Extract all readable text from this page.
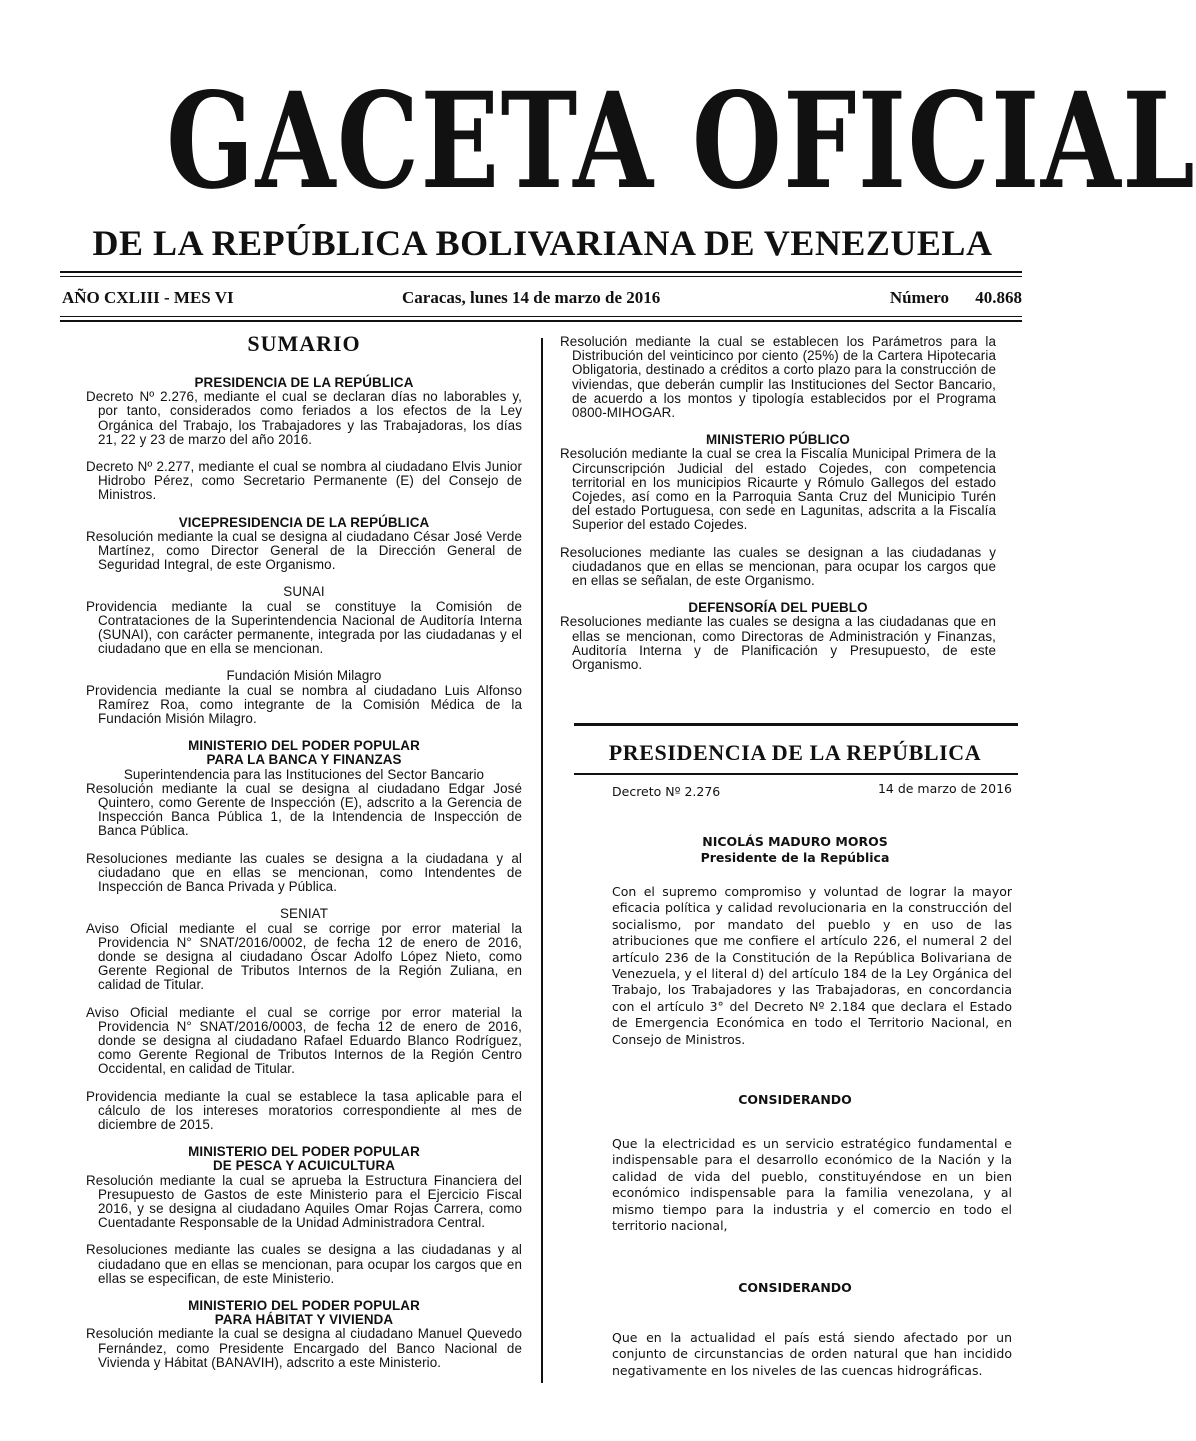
GACETA OFICIAL
DE LA REPÚBLICA BOLIVARIANA DE VENEZUELA
AÑO CXLIII - MES VI	Caracas, lunes 14 de marzo de 2016	Número 40.868
SUMARIO
PRESIDENCIA DE LA REPÚBLICA
Decreto Nº 2.276, mediante el cual se declaran días no laborables y, por tanto, considerados como feriados a los efectos de la Ley Orgánica del Trabajo, los Trabajadores y las Trabajadoras, los días 21, 22 y 23 de marzo del año 2016.
Decreto Nº 2.277, mediante el cual se nombra al ciudadano Elvis Junior Hidrobo Pérez, como Secretario Permanente (E) del Consejo de Ministros.
VICEPRESIDENCIA DE LA REPÚBLICA
Resolución mediante la cual se designa al ciudadano César José Verde Martínez, como Director General de la Dirección General de Seguridad Integral, de este Organismo.
SUNAI
Providencia mediante la cual se constituye la Comisión de Contrataciones de la Superintendencia Nacional de Auditoría Interna (SUNAI), con carácter permanente, integrada por las ciudadanas y el ciudadano que en ella se mencionan.
Fundación Misión Milagro
Providencia mediante la cual se nombra al ciudadano Luis Alfonso Ramírez Roa, como integrante de la Comisión Médica de la Fundación Misión Milagro.
MINISTERIO DEL PODER POPULAR
PARA LA BANCA Y FINANZAS
Superintendencia para las Instituciones del Sector Bancario
Resolución mediante la cual se designa al ciudadano Edgar José Quintero, como Gerente de Inspección (E), adscrito a la Gerencia de Inspección Banca Pública 1, de la Intendencia de Inspección de Banca Pública.
Resoluciones mediante las cuales se designa a la ciudadana y al ciudadano que en ellas se mencionan, como Intendentes de Inspección de Banca Privada y Pública.
SENIAT
Aviso Oficial mediante el cual se corrige por error material la Providencia N° SNAT/2016/0002, de fecha 12 de enero de 2016, donde se designa al ciudadano Óscar Adolfo López Nieto, como Gerente Regional de Tributos Internos de la Región Zuliana, en calidad de Titular.
Aviso Oficial mediante el cual se corrige por error material la Providencia N° SNAT/2016/0003, de fecha 12 de enero de 2016, donde se designa al ciudadano Rafael Eduardo Blanco Rodríguez, como Gerente Regional de Tributos Internos de la Región Centro Occidental, en calidad de Titular.
Providencia mediante la cual se establece la tasa aplicable para el cálculo de los intereses moratorios correspondiente al mes de diciembre de 2015.
MINISTERIO DEL PODER POPULAR
DE PESCA Y ACUICULTURA
Resolución mediante la cual se aprueba la Estructura Financiera del Presupuesto de Gastos de este Ministerio para el Ejercicio Fiscal 2016, y se designa al ciudadano Aquiles Omar Rojas Carrera, como Cuentadante Responsable de la Unidad Administradora Central.
Resoluciones mediante las cuales se designa a las ciudadanas y al ciudadano que en ellas se mencionan, para ocupar los cargos que en ellas se especifican, de este Ministerio.
MINISTERIO DEL PODER POPULAR
PARA HÁBITAT Y VIVIENDA
Resolución mediante la cual se designa al ciudadano Manuel Quevedo Fernández, como Presidente Encargado del Banco Nacional de Vivienda y Hábitat (BANAVIH), adscrito a este Ministerio.
Resolución mediante la cual se establecen los Parámetros para la Distribución del veinticinco por ciento (25%) de la Cartera Hipotecaria Obligatoria, destinado a créditos a corto plazo para la construcción de viviendas, que deberán cumplir las Instituciones del Sector Bancario, de acuerdo a los montos y tipología establecidos por el Programa 0800-MIHOGAR.
MINISTERIO PÚBLICO
Resolución mediante la cual se crea la Fiscalía Municipal Primera de la Circunscripción Judicial del estado Cojedes, con competencia territorial en los municipios Ricaurte y Rómulo Gallegos del estado Cojedes, así como en la Parroquia Santa Cruz del Municipio Turén del estado Portuguesa, con sede en Lagunitas, adscrita a la Fiscalía Superior del estado Cojedes.
Resoluciones mediante las cuales se designan a las ciudadanas y ciudadanos que en ellas se mencionan, para ocupar los cargos que en ellas se señalan, de este Organismo.
DEFENSORÍA DEL PUEBLO
Resoluciones mediante las cuales se designa a las ciudadanas que en ellas se mencionan, como Directoras de Administración y Finanzas, Auditoría Interna y de Planificación y Presupuesto, de este Organismo.
PRESIDENCIA DE LA REPÚBLICA
Decreto Nº 2.276	14 de marzo de 2016
NICOLÁS MADURO MOROS
Presidente de la República
Con el supremo compromiso y voluntad de lograr la mayor eficacia política y calidad revolucionaria en la construcción del socialismo, por mandato del pueblo y en uso de las atribuciones que me confiere el artículo 226, el numeral 2 del artículo 236 de la Constitución de la República Bolivariana de Venezuela, y el literal d) del artículo 184 de la Ley Orgánica del Trabajo, los Trabajadores y las Trabajadoras, en concordancia con el artículo 3° del Decreto Nº 2.184 que declara el Estado de Emergencia Económica en todo el Territorio Nacional, en Consejo de Ministros.
CONSIDERANDO
Que la electricidad es un servicio estratégico fundamental e indispensable para el desarrollo económico de la Nación y la calidad de vida del pueblo, constituyéndose en un bien económico indispensable para la familia venezolana, y al mismo tiempo para la industria y el comercio en todo el territorio nacional,
CONSIDERANDO
Que en la actualidad el país está siendo afectado por un conjunto de circunstancias de orden natural que han incidido negativamente en los niveles de las cuencas hidrográficas.
